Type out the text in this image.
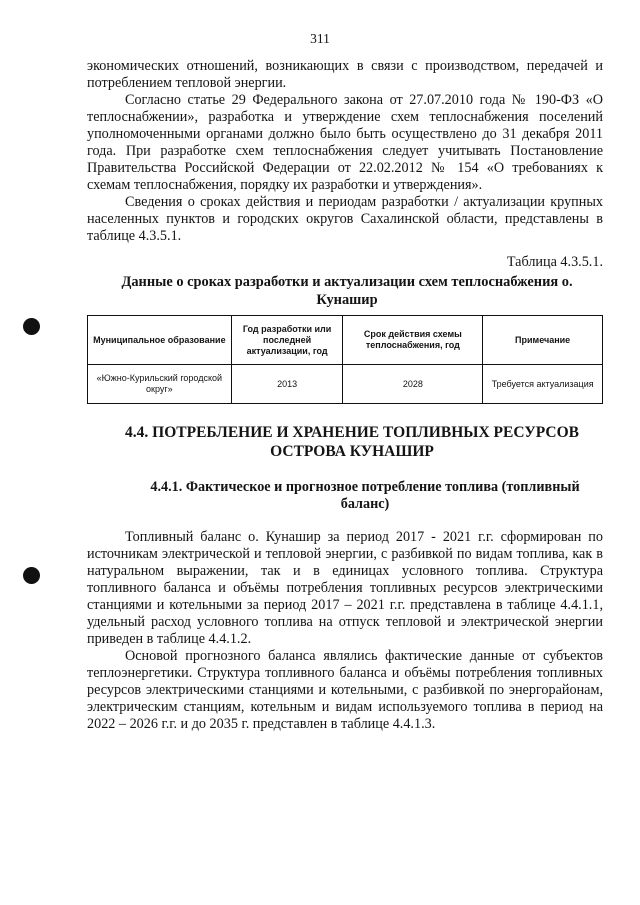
311

экономических отношений, возникающих в связи с производством, передачей и потреблением тепловой энергии.

Согласно статье 29 Федерального закона от 27.07.2010 года № 190-ФЗ «О теплоснабжении», разработка и утверждение схем теплоснабжения поселений уполномоченными органами должно было быть осуществлено до 31 декабря 2011 года. При разработке схем теплоснабжения следует учитывать Постановление Правительства Российской Федерации от 22.02.2012 № 154 «О требованиях к схемам теплоснабжения, порядку их разработки и утверждения».

Сведения о сроках действия и периодам разработки / актуализации крупных населенных пунктов и городских округов Сахалинской области, представлены в таблице 4.3.5.1.

Таблица 4.3.5.1.
Данные о сроках разработки и актуализации схем теплоснабжения о. Кунашир
Муниципальное образование	Год разработки или последней актуализации, год	Срок действия схемы теплоснабжения, год	Примечание
«Южно-Курильский городской округ»	2013	2028	Требуется актуализация
4.4. ПОТРЕБЛЕНИЕ И ХРАНЕНИЕ ТОПЛИВНЫХ РЕСУРСОВ ОСТРОВА КУНАШИР
4.4.1. Фактическое и прогнозное потребление топлива (топливный баланс)

Топливный баланс о. Кунашир за период 2017 - 2021 г.г. сформирован по источникам электрической и тепловой энергии, с разбивкой по видам топлива, как в натуральном выражении, так и в единицах условного топлива. Структура топливного баланса и объёмы потребления топливных ресурсов электрическими станциями и котельными за период 2017 – 2021 г.г. представлена в таблице 4.4.1.1, удельный расход условного топлива на отпуск тепловой и электрической энергии приведен в таблице 4.4.1.2.

Основой прогнозного баланса являлись фактические данные от субъектов теплоэнергетики. Структура топливного баланса и объёмы потребления топливных ресурсов электрическими станциями и котельными, с разбивкой по энергорайонам, электрическим станциям, котельным и видам используемого топлива в период на 2022 – 2026 г.г. и до 2035 г. представлен в таблице 4.4.1.3.
